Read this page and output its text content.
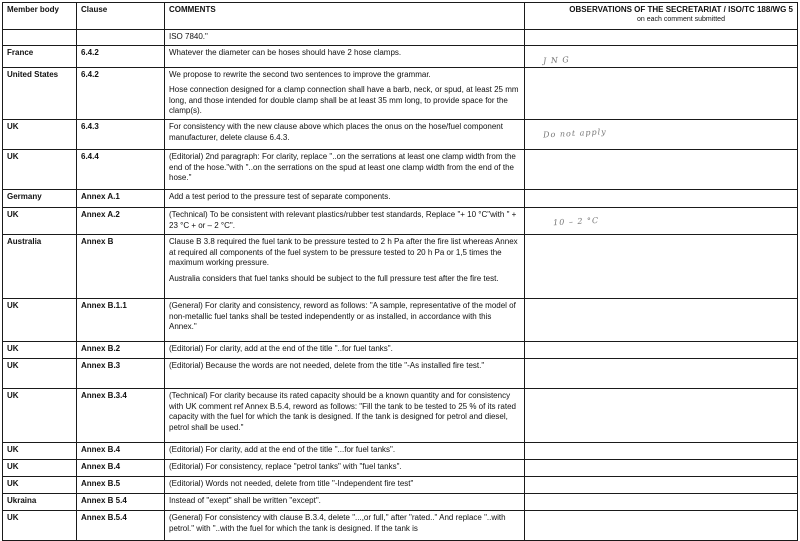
Member body	Clause	COMMENTS	OBSERVATIONS OF THE SECRETARIAT / ISO/TC 188/WG 5
on each comment submitted

		ISO 7840."	

France	6.4.2	Whatever the diameter can be hoses should have 2 hose clamps.	J N G

United States	6.4.2	We propose to rewrite the second two sentences to improve the grammar.

Hose connection designed for a clamp connection shall have a barb, neck, or spud, at least 25 mm long, and those intended for double clamp shall be at least 35 mm long, to provide space for the clamp(s).	

UK	6.4.3	For consistency with the new clause above which places the onus on the hose/fuel component manufacturer, delete clause 6.4.3.	Do not apply

UK	6.4.4	(Editorial) 2nd paragraph: For clarity, replace "..on the serrations at least one clamp width from the end of the hose."with "..on the serrations on the spud at least one clamp width from the end of the hose."	

Germany	Annex A.1	Add a test period to the pressure test of separate components.	

UK	Annex A.2	(Technical) To be consistent with relevant plastics/rubber test standards, Replace "+ 10 °C"with " + 23 °C + or – 2 °C".	10 – 2 °C

Australia	Annex B	Clause B 3.8 required the fuel tank to be pressure tested to 2 h Pa after the fire list whereas Annex at required all components of the fuel system to be pressure tested to 20 h Pa or 1,5 times the maximum working pressure.

Australia considers that fuel tanks should be subject to the full pressure test after the fire test.	

UK	Annex B.1.1	(General) For clarity and consistency, reword as follows: "A sample, representative of the model of non-metallic fuel tanks shall be tested independently or as installed, in accordance with this Annex."	

UK	Annex B.2	(Editorial) For clarity, add at the end of the title "..for fuel tanks".	

UK	Annex B.3	(Editorial) Because the words are not needed, delete from the title "-As installed fire test."	

UK	Annex B.3.4	(Technical) For clarity because its rated capacity should be a known quantity and for consistency with UK comment ref Annex B.5.4, reword as follows: "Fill the tank to be tested to 25 % of its rated capacity with the fuel for which the tank is designed. If the tank is designed for petrol and diesel, petrol shall be used."	

UK	Annex B.4	(Editorial) For clarity, add at the end of the title "...for fuel tanks".	

UK	Annex B.4	(Editorial) For consistency, replace "petrol tanks" with "fuel tanks".	

UK	Annex B.5	(Editorial) Words not needed, delete from title "-Independent fire test"	

Ukraina	Annex B 5.4	Instead of "exept" shall be written "except".	

UK	Annex B.5.4	(General) For consistency with clause B.3.4, delete "...,or full," after "rated.." And replace "..with petrol." with "..with the fuel for which the tank is designed. If the tank is	
